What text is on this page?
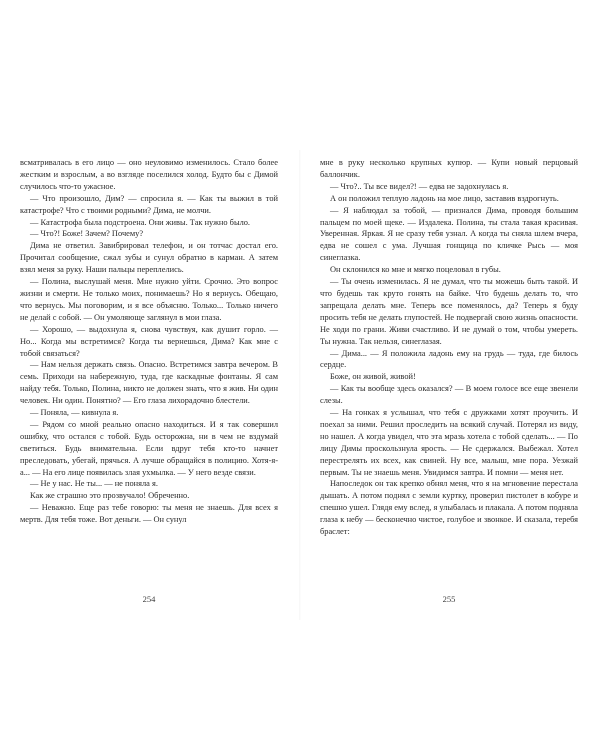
всматривалась в его лицо — оно неуловимо изменилось. Стало более жестким и взрослым, а во взгляде поселился холод. Будто бы с Димой случилось что-то ужасное.

— Что произошло, Дим? — спросила я. — Как ты выжил в той катастрофе? Что с твоими родными? Дима, не молчи.

— Катастрофа была подстроена. Они живы. Так нужно было.

— Что?! Боже! Зачем? Почему?

Дима не ответил. Завибрировал телефон, и он тотчас достал его. Прочитал сообщение, сжал зубы и сунул обратно в карман. А затем взял меня за руку. Наши пальцы переплелись.

— Полина, выслушай меня. Мне нужно уйти. Срочно. Это вопрос жизни и смерти. Не только моих, понимаешь? Но я вернусь. Обещаю, что вернусь. Мы поговорим, и я все объясню. Только... Только ничего не делай с собой. — Он умоляюще заглянул в мои глаза.

— Хорошо, — выдохнула я, снова чувствуя, как душит горло. — Но... Когда мы встретимся? Когда ты вернешься, Дима? Как мне с тобой связаться?

— Нам нельзя держать связь. Опасно. Встретимся завтра вечером. В семь. Приходи на набережную, туда, где каскадные фонтаны. Я сам найду тебя. Только, Полина, никто не должен знать, что я жив. Ни один человек. Ни один. Понятно? — Его глаза лихорадочно блестели.

— Поняла, — кивнула я.

— Рядом со мной реально опасно находиться. И я так совершил ошибку, что остался с тобой. Будь осторожна, ни в чем не вздумай светиться. Будь внимательна. Если вдруг тебя кто-то начнет преследовать, убегай, прячься. А лучше обращайся в полицию. Хотя-я-а... — На его лице появилась злая ухмылка. — У него везде связи.

— Не у нас. Не ты... — не поняла я.

Как же страшно это прозвучало! Обреченно.

— Неважно. Еще раз тебе говорю: ты меня не знаешь. Для всех я мертв. Для тебя тоже. Вот деньги. — Он сунул

254

мне в руку несколько крупных купюр. — Купи новый перцовый баллончик.

— Что?.. Ты все видел?! — едва не задохнулась я.

А он положил теплую ладонь на мое лицо, заставив вздрогнуть.

— Я наблюдал за тобой, — признался Дима, проводя большим пальцем по моей щеке. — Издалека. Полина, ты стала такая красивая. Уверенная. Яркая. Я не сразу тебя узнал. А когда ты сняла шлем вчера, едва не сошел с ума. Лучшая гонщица по кличке Рысь — моя синеглазка.

Он склонился ко мне и мягко поцеловал в губы.

— Ты очень изменилась. Я не думал, что ты можешь быть такой. И что будешь так круто гонять на байке. Что будешь делать то, что запрещала делать мне. Теперь все поменялось, да? Теперь я буду просить тебя не делать глупостей. Не подвергай свою жизнь опасности. Не ходи по грани. Живи счастливо. И не думай о том, чтобы умереть. Ты нужна. Так нельзя, синеглазая.

— Дима... — Я положила ладонь ему на грудь — туда, где билось сердце.

Боже, он живой, живой!

— Как ты вообще здесь оказался? — В моем голосе все еще звенели слезы.

— На гонках я услышал, что тебя с дружками хотят проучить. И поехал за ними. Решил проследить на всякий случай. Потерял из виду, но нашел. А когда увидел, что эта мразь хотела с тобой сделать... — По лицу Димы проскользнула ярость. — Не сдержался. Выбежал. Хотел перестрелять их всех, как свиней. Ну все, малыш, мне пора. Уезжай первым. Ты не знаешь меня. Увидимся завтра. И помни — меня нет.

Напоследок он так крепко обнял меня, что я на мгновение перестала дышать. А потом поднял с земли куртку, проверил пистолет в кобуре и спешно ушел. Глядя ему вслед, я улыбалась и плакала. А потом подняла глаза к небу — бесконечно чистое, голубое и звонкое. И сказала, теребя браслет:

255
